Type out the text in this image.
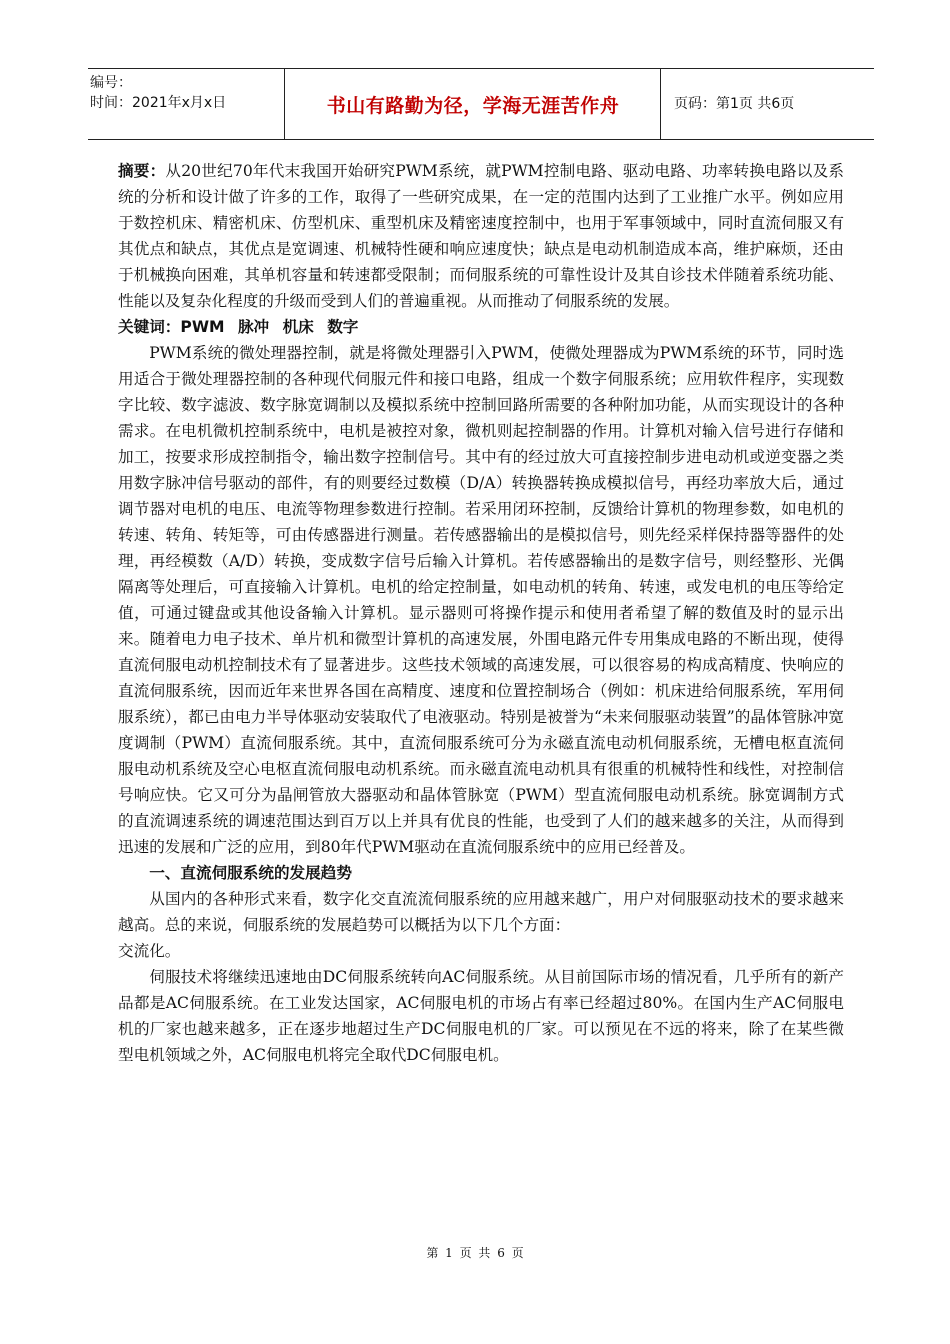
编号：
时间：2021年x月x日	书山有路勤为径，学海无涯苦作舟	页码：第1页 共6页

摘要：从20世纪70年代末我国开始研究PWM系统，就PWM控制电路、驱动电路、功率转换电路以及系统的分析和设计做了许多的工作，取得了一些研究成果，在一定的范围内达到了工业推广水平。例如应用于数控机床、精密机床、仿型机床、重型机床及精密速度控制中，也用于军事领域中，同时直流伺服又有其优点和缺点，其优点是宽调速、机械特性硬和响应速度快；缺点是电动机制造成本高，维护麻烦，还由于机械换向困难，其单机容量和转速都受限制；而伺服系统的可靠性设计及其自诊技术伴随着系统功能、性能以及复杂化程度的升级而受到人们的普遍重视。从而推动了伺服系统的发展。

关键词：PWM 脉冲 机床 数字

PWM系统的微处理器控制，就是将微处理器引入PWM，使微处理器成为PWM系统的环节，同时选用适合于微处理器控制的各种现代伺服元件和接口电路，组成一个数字伺服系统；应用软件程序，实现数字比较、数字滤波、数字脉宽调制以及模拟系统中控制回路所需要的各种附加功能，从而实现设计的各种需求。在电机微机控制系统中，电机是被控对象，微机则起控制器的作用。计算机对输入信号进行存储和加工，按要求形成控制指令，输出数字控制信号。其中有的经过放大可直接控制步进电动机或逆变器之类用数字脉冲信号驱动的部件，有的则要经过数模（D/A）转换器转换成模拟信号，再经功率放大后，通过调节器对电机的电压、电流等物理参数进行控制。若采用闭环控制，反馈给计算机的物理参数，如电机的转速、转角、转矩等，可由传感器进行测量。若传感器输出的是模拟信号，则先经采样保持器等器件的处理，再经模数（A/D）转换，变成数字信号后输入计算机。若传感器输出的是数字信号，则经整形、光偶隔离等处理后，可直接输入计算机。电机的给定控制量，如电动机的转角、转速，或发电机的电压等给定值，可通过键盘或其他设备输入计算机。显示器则可将操作提示和使用者希望了解的数值及时的显示出来。随着电力电子技术、单片机和微型计算机的高速发展，外围电路元件专用集成电路的不断出现，使得直流伺服电动机控制技术有了显著进步。这些技术领域的高速发展，可以很容易的构成高精度、快响应的直流伺服系统，因而近年来世界各国在高精度、速度和位置控制场合（例如：机床进给伺服系统，军用伺服系统），都已由电力半导体驱动安装取代了电液驱动。特别是被誉为“未来伺服驱动装置”的晶体管脉冲宽度调制（PWM）直流伺服系统。其中，直流伺服系统可分为永磁直流电动机伺服系统，无槽电枢直流伺服电动机系统及空心电枢直流伺服电动机系统。而永磁直流电动机具有很重的机械特性和线性，对控制信号响应快。它又可分为晶闸管放大器驱动和晶体管脉宽（PWM）型直流伺服电动机系统。脉宽调制方式的直流调速系统的调速范围达到百万以上并具有优良的性能，也受到了人们的越来越多的关注，从而得到迅速的发展和广泛的应用，到80年代PWM驱动在直流伺服系统中的应用已经普及。

一、直流伺服系统的发展趋势

从国内的各种形式来看，数字化交直流流伺服系统的应用越来越广，用户对伺服驱动技术的要求越来越高。总的来说，伺服系统的发展趋势可以概括为以下几个方面：

交流化。

伺服技术将继续迅速地由DC伺服系统转向AC伺服系统。从目前国际市场的情况看，几乎所有的新产品都是AC伺服系统。在工业发达国家，AC伺服电机的市场占有率已经超过80%。在国内生产AC伺服电机的厂家也越来越多，正在逐步地超过生产DC伺服电机的厂家。可以预见在不远的将来，除了在某些微型电机领域之外，AC伺服电机将完全取代DC伺服电机。

第 1 页 共 6 页
